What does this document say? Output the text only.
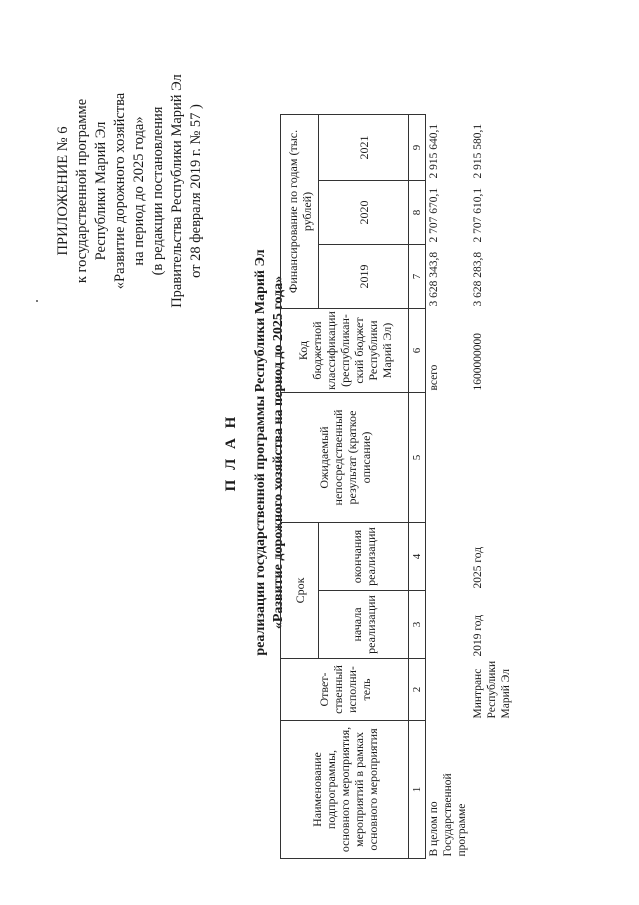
ПРИЛОЖЕНИЕ № 6 к государственной программе Республики Марий Эл «Развитие дорожного хозяйства на период до 2025 года» (в редакции постановления Правительства Республики Марий Эл от 28 февраля 2019 г. № 57 )
П Л А Н реализации государственной программы Республики Марий Эл «Развитие дорожного хозяйства на период до 2025 года»
Наименование подпрограммы, основного мероприятия, мероприятий в рамках основного мероприятия	Ответ-ственный исполни-тель	Срок		Ожидаемый непосредственный результат (краткое описание)	Код бюджетной классификации (республикан-ский бюджет Республики Марий Эл)	Финансирование по годам (тыс. рублей)		
		начала реализации	окончания реализации			2019	2020	2021
1	2	3	4	5	6	7	8	9
В целом по Государственной программе					всего	3 628 343,8	2 707 670,1	2 915 640,1
	Минтранс Республики Марий Эл	2019 год	2025 год		1600000000	3 628 283,8	2 707 610,1	2 915 580,1
